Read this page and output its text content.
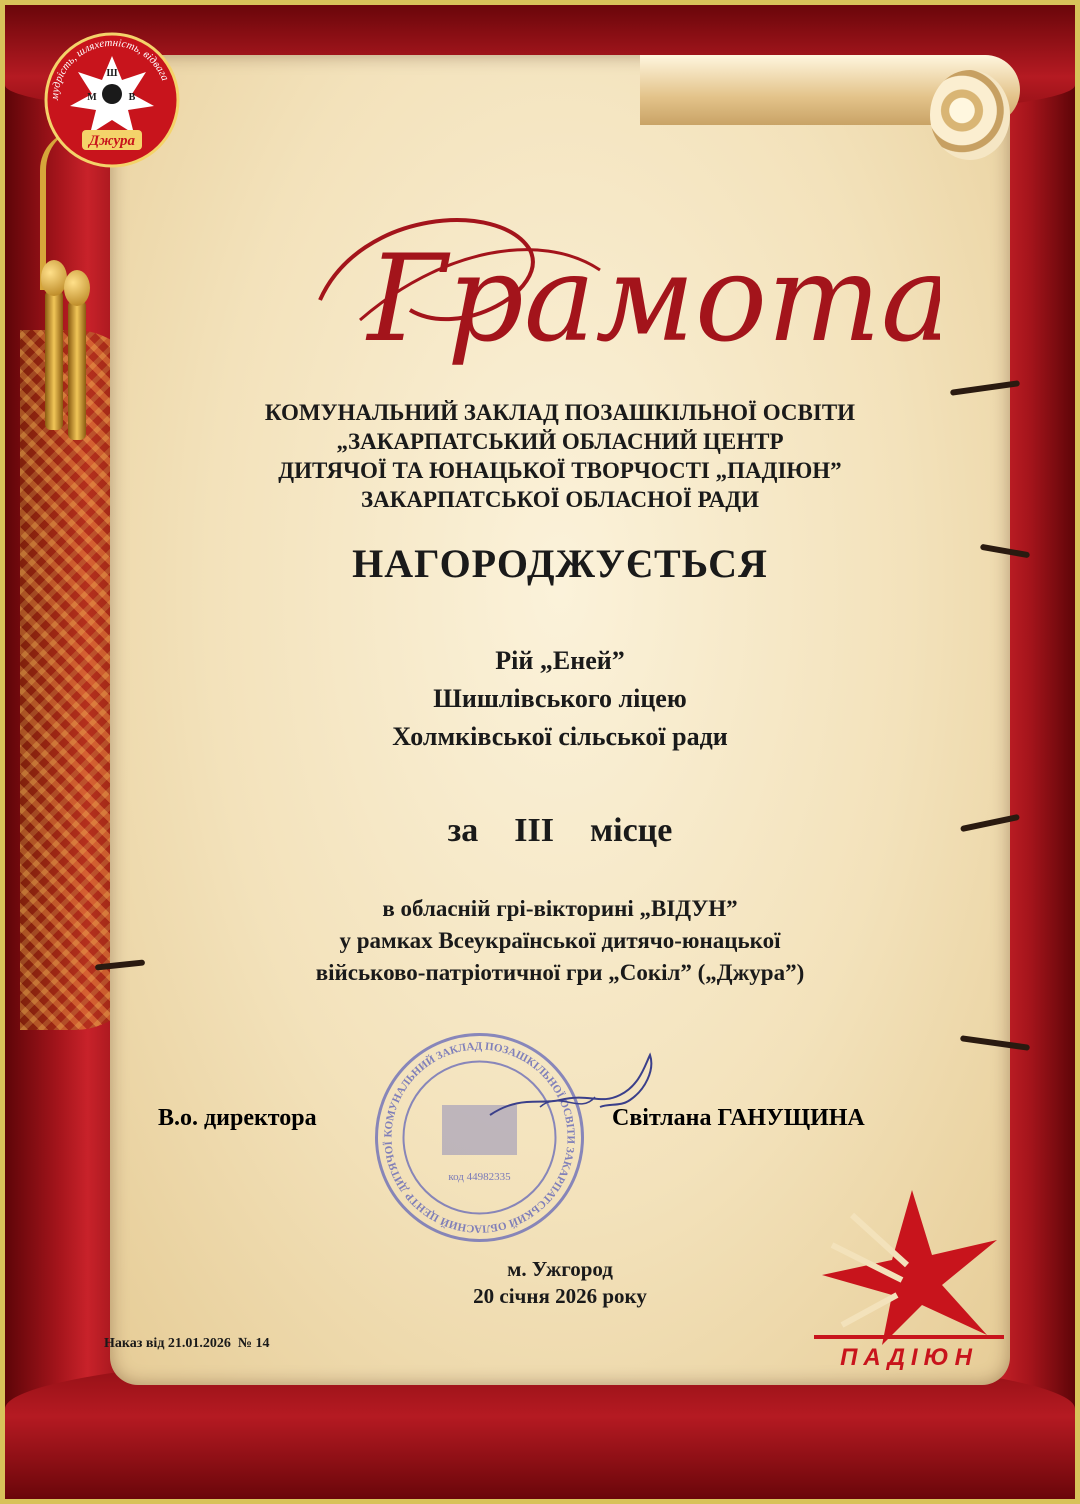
мудрість, шляхетність, відвага
Ш
М	В
Джура
Грамота
КОМУНАЛЬНИЙ ЗАКЛАД ПОЗАШКІЛЬНОЇ ОСВІТИ
„ЗАКАРПАТСЬКИЙ ОБЛАСНИЙ ЦЕНТР
ДИТЯЧОЇ ТА ЮНАЦЬКОЇ ТВОРЧОСТІ „ПАДІЮН”
ЗАКАРПАТСЬКОЇ ОБЛАСНОЇ РАДИ
НАГОРОДЖУЄТЬСЯ
Рій „Еней”
Шишлівського ліцею
Холмківської сільської ради
за III місце
в обласній грі-вікторині „ВІДУН”
у рамках Всеукраїнської дитячо-юнацької
військово-патріотичної гри „Сокіл” („Джура”)
КОМУНАЛЬНИЙ ЗАКЛАД ПОЗАШКІЛЬНОЇ ОСВІТИ ЗАКАРПАТСЬКИЙ ОБЛАСНИЙ ЦЕНТР ДИТЯЧОЇ
код 44982335
В.о. директора	Світлана ГАНУЩИНА
м. Ужгород
20 січня 2026 року
Наказ від 21.01.2026  № 14
ПАДІЮН
